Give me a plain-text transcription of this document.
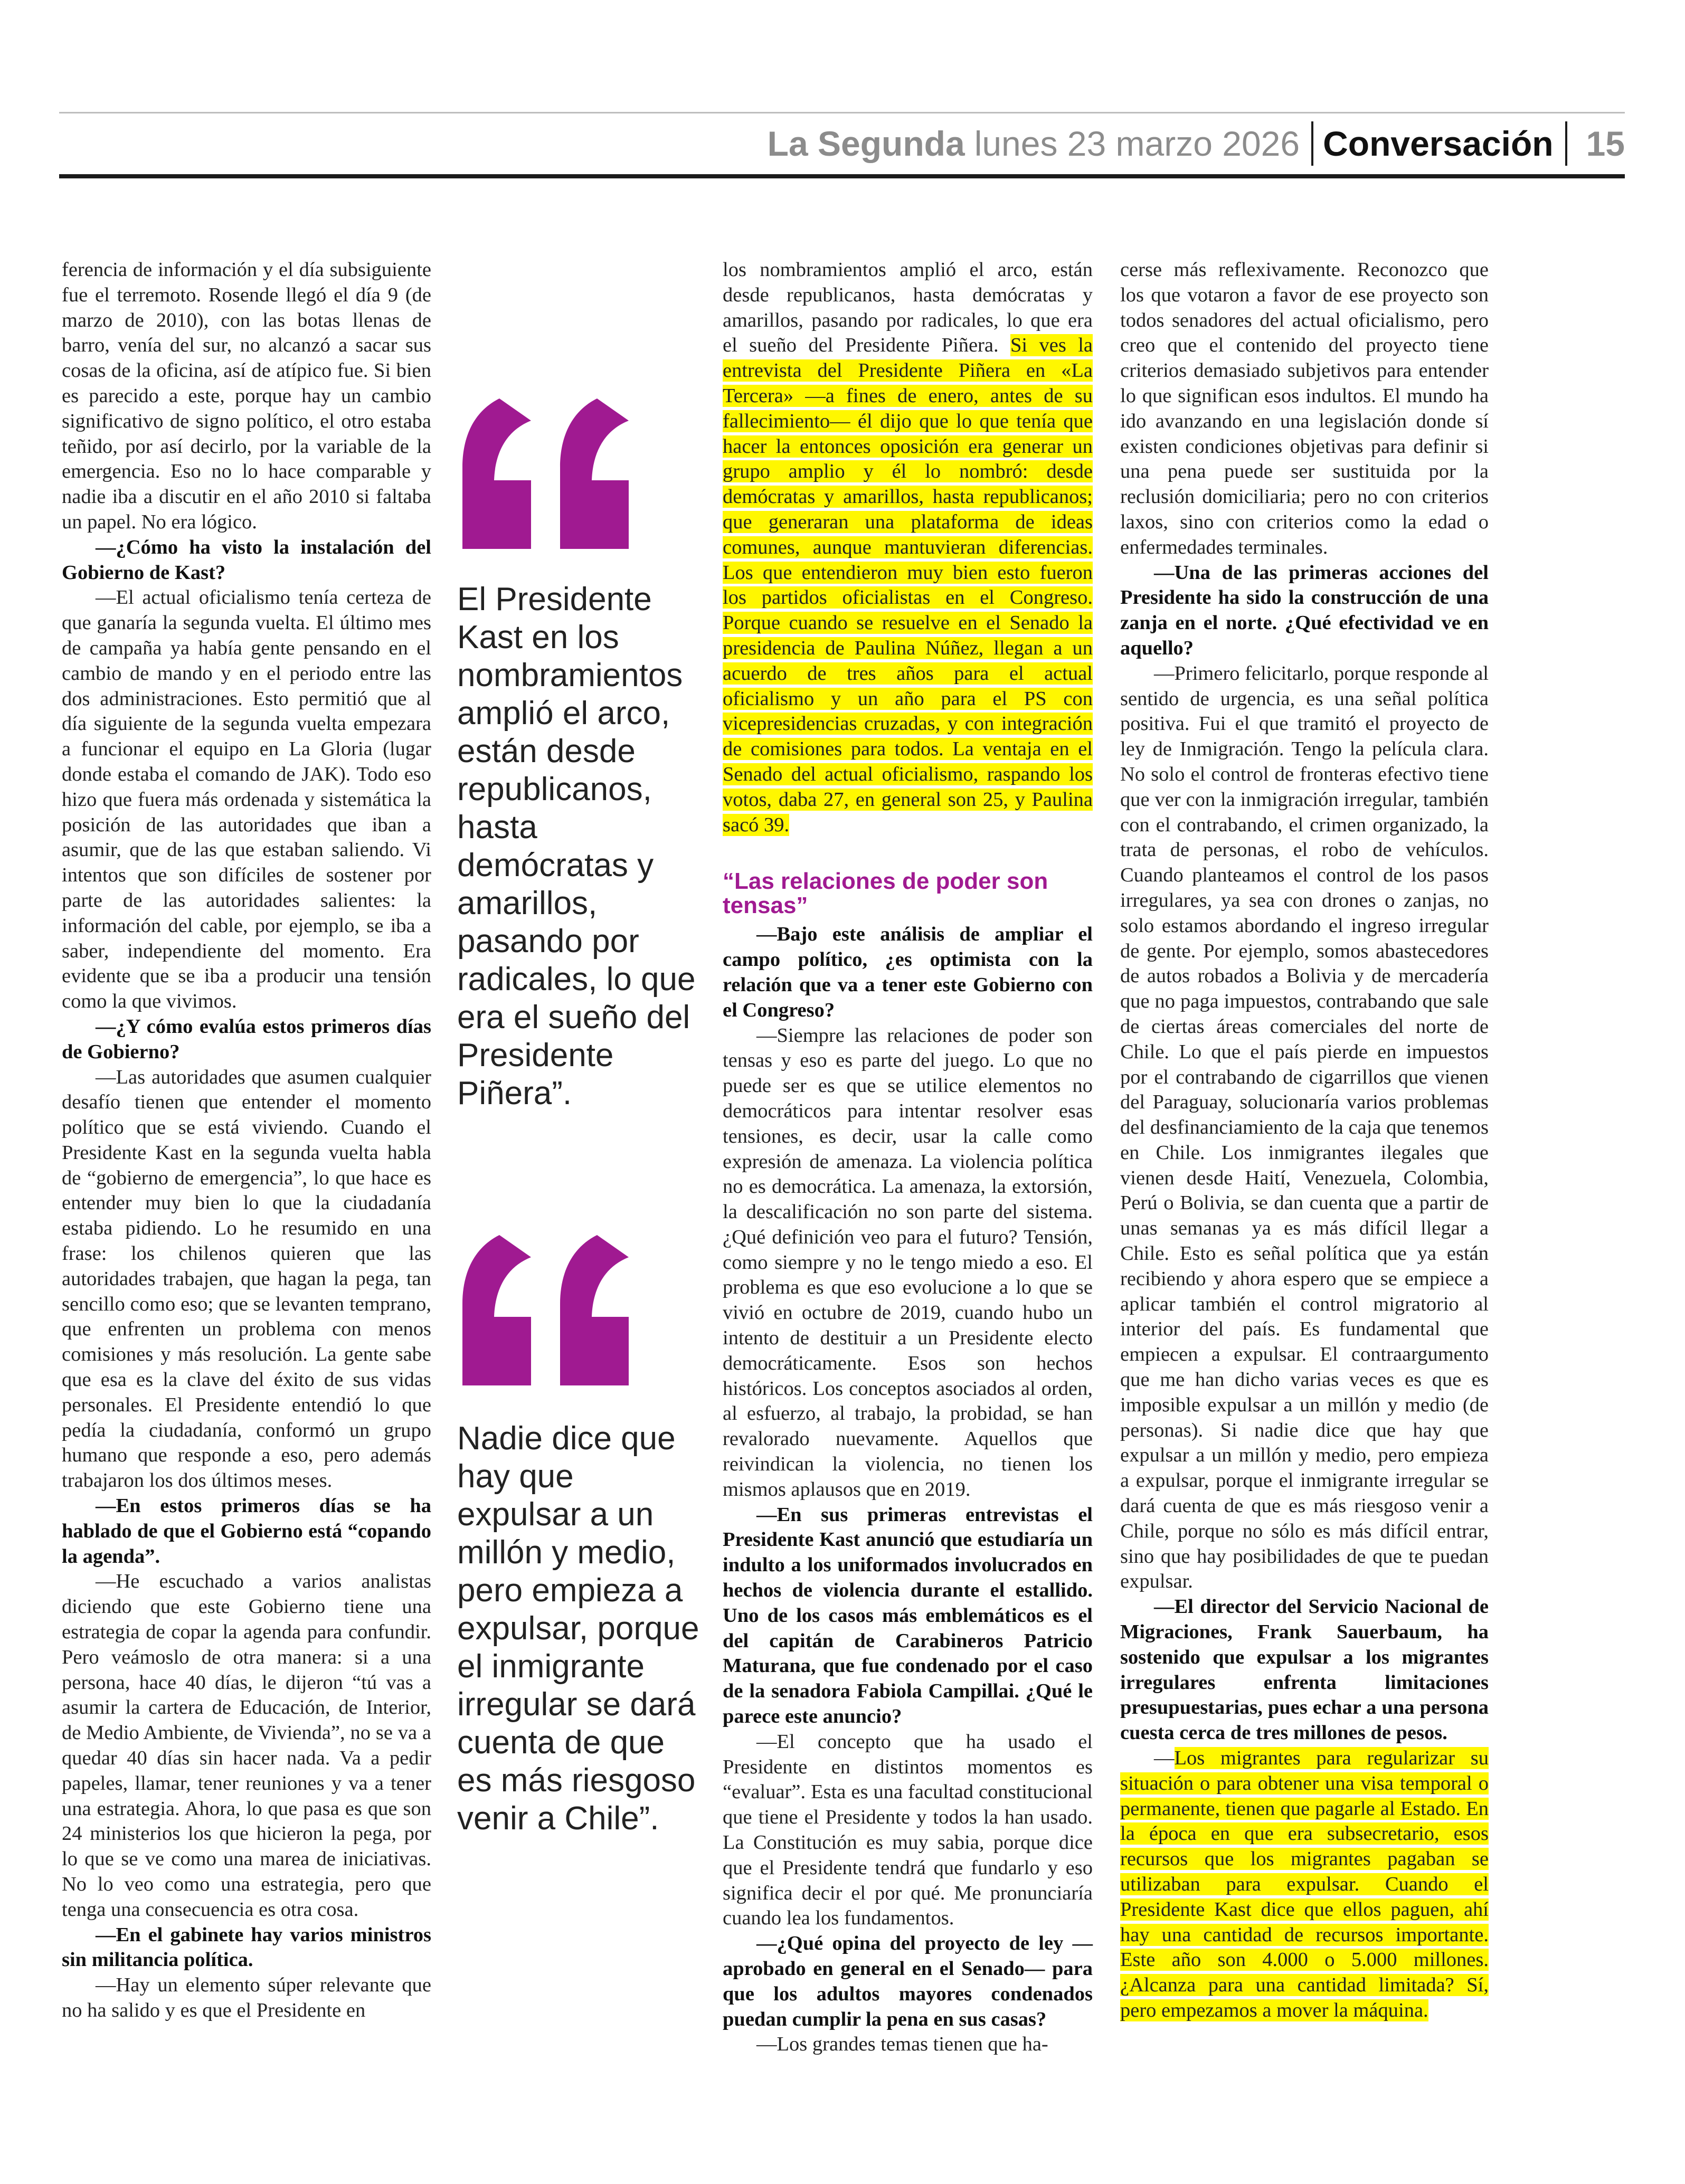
La Segunda lunes 23 marzo 2026 Conversación 15

ferencia de información y el día subsiguiente fue el terremoto. Rosende llegó el día 9 (de marzo de 2010), con las botas llenas de barro, venía del sur, no alcanzó a sacar sus cosas de la oficina, así de atípico fue. Si bien es parecido a este, porque hay un cambio significativo de signo político, el otro estaba teñido, por así decirlo, por la variable de la emergencia. Eso no lo hace comparable y nadie iba a discutir en el año 2010 si faltaba un papel. No era lógico.

—¿Cómo ha visto la instalación del Gobierno de Kast?

—El actual oficialismo tenía certeza de que ganaría la segunda vuelta. El último mes de campaña ya había gente pensando en el cambio de mando y en el periodo entre las dos administraciones. Esto permitió que al día siguiente de la segunda vuelta empezara a funcionar el equipo en La Gloria (lugar donde estaba el comando de JAK). Todo eso hizo que fuera más ordenada y sistemática la posición de las autoridades que iban a asumir, que de las que estaban saliendo. Vi intentos que son difíciles de sostener por parte de las autoridades salientes: la información del cable, por ejemplo, se iba a saber, independiente del momento. Era evidente que se iba a producir una tensión como la que vivimos.

—¿Y cómo evalúa estos primeros días de Gobierno?

—Las autoridades que asumen cualquier desafío tienen que entender el momento político que se está viviendo. Cuando el Presidente Kast en la segunda vuelta habla de “gobierno de emergencia”, lo que hace es entender muy bien lo que la ciudadanía estaba pidiendo. Lo he resumido en una frase: los chilenos quieren que las autoridades trabajen, que hagan la pega, tan sencillo como eso; que se levanten temprano, que enfrenten un problema con menos comisiones y más resolución. La gente sabe que esa es la clave del éxito de sus vidas personales. El Presidente entendió lo que pedía la ciudadanía, conformó un grupo humano que responde a eso, pero además trabajaron los dos últimos meses.

—En estos primeros días se ha hablado de que el Gobierno está “copando la agenda”.

—He escuchado a varios analistas diciendo que este Gobierno tiene una estrategia de copar la agenda para confundir. Pero veámoslo de otra manera: si a una persona, hace 40 días, le dijeron “tú vas a asumir la cartera de Educación, de Interior, de Medio Ambiente, de Vivienda”, no se va a quedar 40 días sin hacer nada. Va a pedir papeles, llamar, tener reuniones y va a tener una estrategia. Ahora, lo que pasa es que son 24 ministerios los que hicieron la pega, por lo que se ve como una marea de iniciativas. No lo veo como una estrategia, pero que tenga una consecuencia es otra cosa.

—En el gabinete hay varios ministros sin militancia política.

—Hay un elemento súper relevante que no ha salido y es que el Presidente en

El Presidente Kast en los nombramientos amplió el arco, están desde republicanos, hasta demócratas y amarillos, pasando por radicales, lo que era el sueño del Presidente Piñera”.
Nadie dice que hay que expulsar a un millón y medio, pero empieza a expulsar, porque el inmigrante irregular se dará cuenta de que es más riesgoso venir a Chile”.

los nombramientos amplió el arco, están desde republicanos, hasta demócratas y amarillos, pasando por radicales, lo que era el sueño del Presidente Piñera. Si ves la entrevista del Presidente Piñera en «La Tercera» —a fines de enero, antes de su fallecimiento— él dijo que lo que tenía que hacer la entonces oposición era generar un grupo amplio y él lo nombró: desde demócratas y amarillos, hasta republicanos; que generaran una plataforma de ideas comunes, aunque mantuvieran diferencias. Los que entendieron muy bien esto fueron los partidos oficialistas en el Congreso. Porque cuando se resuelve en el Senado la presidencia de Paulina Núñez, llegan a un acuerdo de tres años para el actual oficialismo y un año para el PS con vicepresidencias cruzadas, y con integración de comisiones para todos. La ventaja en el Senado del actual oficialismo, raspando los votos, daba 27, en general son 25, y Paulina sacó 39.

“Las relaciones de poder son tensas”

—Bajo este análisis de ampliar el campo político, ¿es optimista con la relación que va a tener este Gobierno con el Congreso?

—Siempre las relaciones de poder son tensas y eso es parte del juego. Lo que no puede ser es que se utilice elementos no democráticos para intentar resolver esas tensiones, es decir, usar la calle como expresión de amenaza. La violencia política no es democrática. La amenaza, la extorsión, la descalificación no son parte del sistema. ¿Qué definición veo para el futuro? Tensión, como siempre y no le tengo miedo a eso. El problema es que eso evolucione a lo que se vivió en octubre de 2019, cuando hubo un intento de destituir a un Presidente electo democráticamente. Esos son hechos históricos. Los conceptos asociados al orden, al esfuerzo, al trabajo, la probidad, se han revalorado nuevamente. Aquellos que reivindican la violencia, no tienen los mismos aplausos que en 2019.

—En sus primeras entrevistas el Presidente Kast anunció que estudiaría un indulto a los uniformados involucrados en hechos de violencia durante el estallido. Uno de los casos más emblemáticos es el del capitán de Carabineros Patricio Maturana, que fue condenado por el caso de la senadora Fabiola Campillai. ¿Qué le parece este anuncio?

—El concepto que ha usado el Presidente en distintos momentos es “evaluar”. Esta es una facultad constitucional que tiene el Presidente y todos la han usado. La Constitución es muy sabia, porque dice que el Presidente tendrá que fundarlo y eso significa decir el por qué. Me pronunciaría cuando lea los fundamentos.

—¿Qué opina del proyecto de ley —aprobado en general en el Senado— para que los adultos mayores condenados puedan cumplir la pena en sus casas?

—Los grandes temas tienen que ha-

cerse más reflexivamente. Reconozco que los que votaron a favor de ese proyecto son todos senadores del actual oficialismo, pero creo que el contenido del proyecto tiene criterios demasiado subjetivos para entender lo que significan esos indultos. El mundo ha ido avanzando en una legislación donde sí existen condiciones objetivas para definir si una pena puede ser sustituida por la reclusión domiciliaria; pero no con criterios laxos, sino con criterios como la edad o enfermedades terminales.

—Una de las primeras acciones del Presidente ha sido la construcción de una zanja en el norte. ¿Qué efectividad ve en aquello?

—Primero felicitarlo, porque responde al sentido de urgencia, es una señal política positiva. Fui el que tramitó el proyecto de ley de Inmigración. Tengo la película clara. No solo el control de fronteras efectivo tiene que ver con la inmigración irregular, también con el contrabando, el crimen organizado, la trata de personas, el robo de vehículos. Cuando planteamos el control de los pasos irregulares, ya sea con drones o zanjas, no solo estamos abordando el ingreso irregular de gente. Por ejemplo, somos abastecedores de autos robados a Bolivia y de mercadería que no paga impuestos, contrabando que sale de ciertas áreas comerciales del norte de Chile. Lo que el país pierde en impuestos por el contrabando de cigarrillos que vienen del Paraguay, solucionaría varios problemas del desfinanciamiento de la caja que tenemos en Chile. Los inmigrantes ilegales que vienen desde Haití, Venezuela, Colombia, Perú o Bolivia, se dan cuenta que a partir de unas semanas ya es más difícil llegar a Chile. Esto es señal política que ya están recibiendo y ahora espero que se empiece a aplicar también el control migratorio al interior del país. Es fundamental que empiecen a expulsar. El contraargumento que me han dicho varias veces es que es imposible expulsar a un millón y medio (de personas). Si nadie dice que hay que expulsar a un millón y medio, pero empieza a expulsar, porque el inmigrante irregular se dará cuenta de que es más riesgoso venir a Chile, porque no sólo es más difícil entrar, sino que hay posibilidades de que te puedan expulsar.

—El director del Servicio Nacional de Migraciones, Frank Sauerbaum, ha sostenido que expulsar a los migrantes irregulares enfrenta limitaciones presupuestarias, pues echar a una persona cuesta cerca de tres millones de pesos.

—Los migrantes para regularizar su situación o para obtener una visa temporal o permanente, tienen que pagarle al Estado. En la época en que era subsecretario, esos recursos que los migrantes pagaban se utilizaban para expulsar. Cuando el Presidente Kast dice que ellos paguen, ahí hay una cantidad de recursos importante. Este año son 4.000 o 5.000 millones. ¿Alcanza para una cantidad limitada? Sí, pero empezamos a mover la máquina.
